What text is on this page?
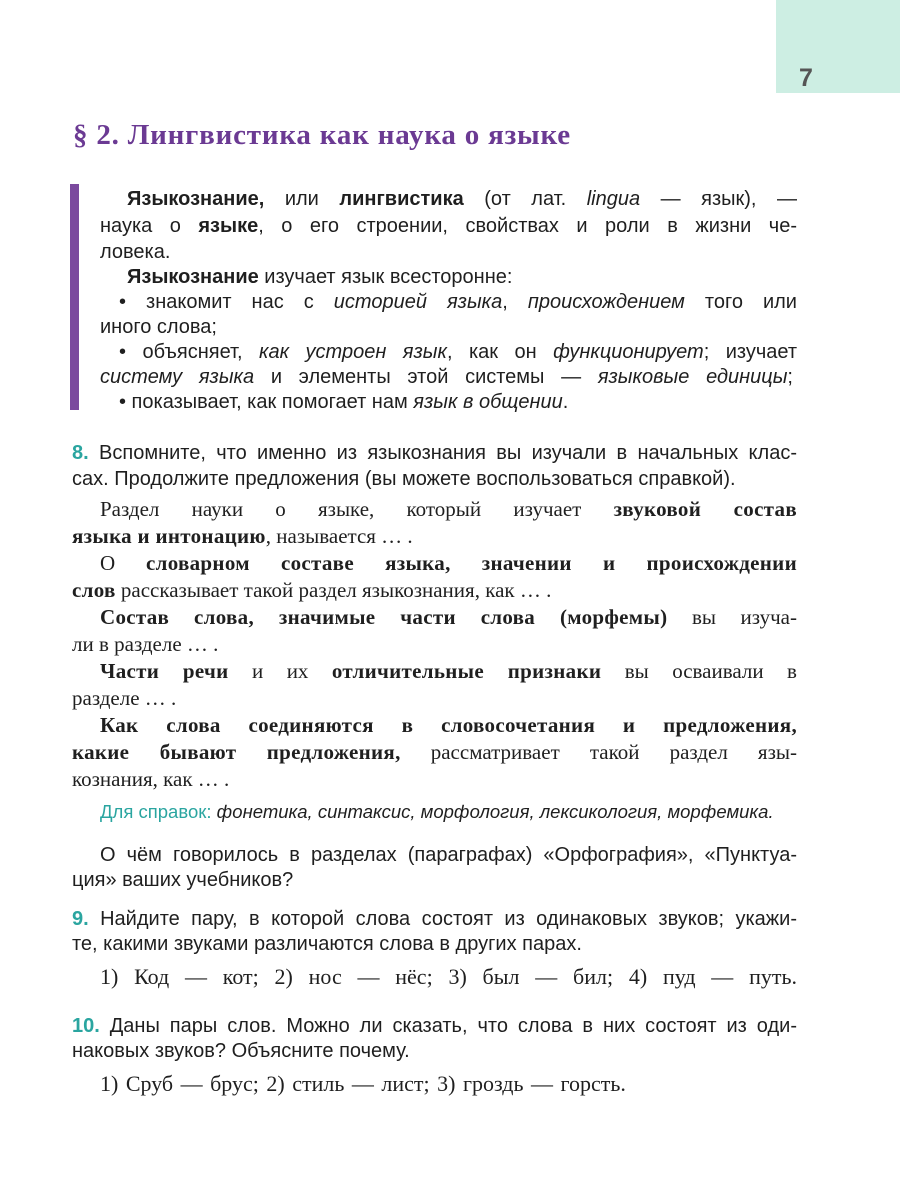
7
§ 2. Лингвистика как наука о языке
Языкознание, или лингвистика (от лат. lingua — язык), —
наука о языке, о его строении, свойствах и роли в жизни че-
ловека.
Языкознание изучает язык всесторонне:
• знакомит нас с историей языка, происхождением того или
иного слова;
• объясняет, как устроен язык, как он функционирует; изучает
систему языка и элементы этой системы — языковые единицы;
• показывает, как помогает нам язык в общении.
8. Вспомните, что именно из языкознания вы изучали в начальных клас-
сах. Продолжите предложения (вы можете воспользоваться справкой).
Раздел науки о языке, который изучает звуковой состав
языка и интонацию, называется … .
О словарном составе языка, значении и происхождении
слов рассказывает такой раздел языкознания, как … .
Состав слова, значимые части слова (морфемы) вы изуча-
ли в разделе … .
Части речи и их отличительные признаки вы осваивали в
разделе … .
Как слова соединяются в словосочетания и предложения,
какие бывают предложения, рассматривает такой раздел язы-
кознания, как … .
Для справок: фонетика, синтаксис, морфология, лексикология, морфемика.
О чём говорилось в разделах (параграфах) «Орфография», «Пунктуа-
ция» ваших учебников?
9. Найдите пару, в которой слова состоят из одинаковых звуков; укажи-
те, какими звуками различаются слова в других парах.
1) Код — кот; 2) нос — нёс; 3) был — бил; 4) пуд — путь.
10. Даны пары слов. Можно ли сказать, что слова в них состоят из оди-
наковых звуков? Объясните почему.
1) Сруб — брус; 2) стиль — лист; 3) гроздь — горсть.
